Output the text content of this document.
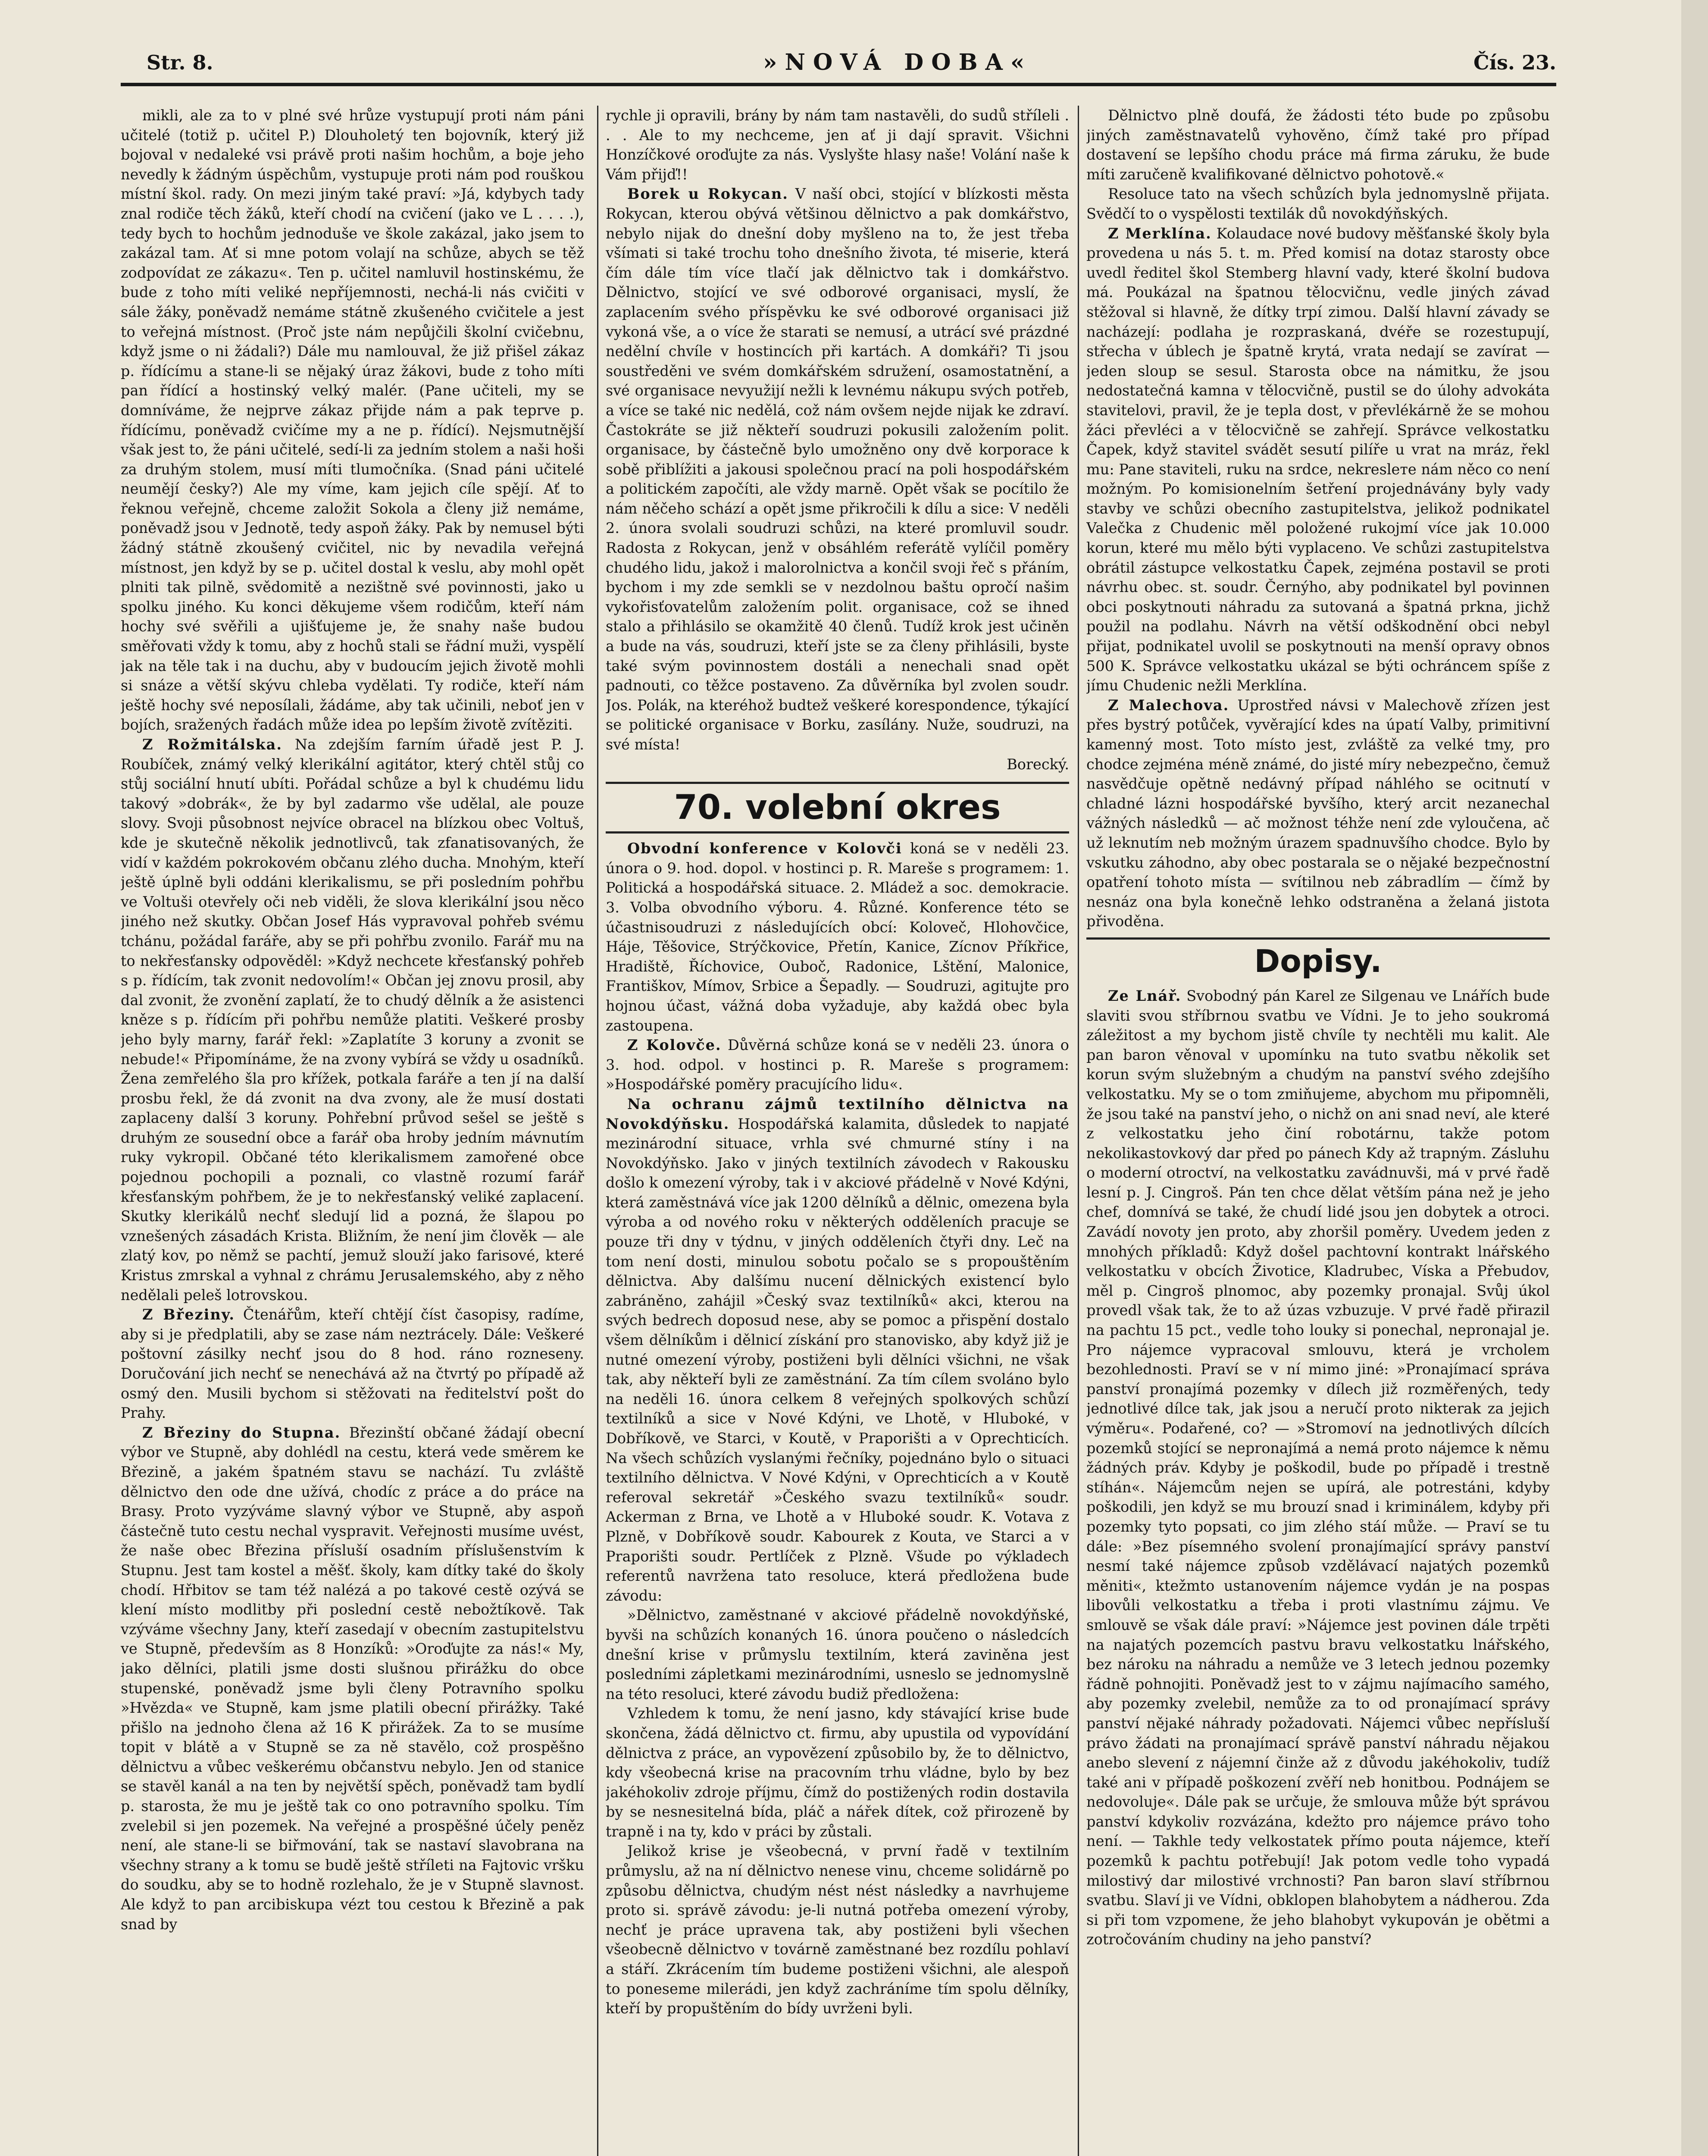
Str. 8.	»NOVÁ DOBA«	Čís. 23.

mikli, ale za to v plné své hrůze vystupují proti nám páni učitelé (totiž p. učitel P.) Dlouholetý ten bojovník, který již bojoval v nedaleké vsi právě proti našim hochům, a boje jeho nevedly k žádným úspěchům, vystupuje proti nám pod rouškou místní škol. rady. On mezi jiným také praví: »Já, kdybych tady znal rodiče těch žáků, kteří chodí na cvičení (jako ve L . . . .), tedy bych to hochům jednoduše ve škole zakázal, jako jsem to zakázal tam. Ať si mne potom volají na schůze, abych se těž zodpovídat ze zákazu«. Ten p. učitel namluvil hostinskému, že bude z toho míti veliké nepříjemnosti, nechá-li nás cvičiti v sále žáky, poněvadž nemáme státně zkušeného cvičitele a jest to veřejná místnost. (Proč jste nám nepůjčili školní cvičebnu, když jsme o ni žádali?) Dále mu namlouval, že již přišel zákaz p. řídícímu a stane-li se nějaký úraz žákovi, bude z toho míti pan řídící a hostinský velký malér. (Pane učiteli, my se domníváme, že nejprve zákaz přijde nám a pak teprve p. řídícímu, poněvadž cvičíme my a ne p. řídící). Nejsmutnější však jest to, že páni učitelé, sedí-li za jedním stolem a naši hoši za druhým stolem, musí míti tlumočníka. (Snad páni učitelé neumějí česky?) Ale my víme, kam jejich cíle spějí. Ať to řeknou veřejně, chceme založit Sokola a členy již nemáme, poněvadž jsou v Jednotě, tedy aspoň žáky. Pak by nemusel býti žádný státně zkoušený cvičitel, nic by nevadila veřejná místnost, jen když by se p. učitel dostal k veslu, aby mohl opět plniti tak pilně, svědomitě a nezištně své povinnosti, jako u spolku jiného. Ku konci děkujeme všem rodičům, kteří nám hochy své svěřili a ujišťujeme je, že snahy naše budou směřovati vždy k tomu, aby z hochů stali se řádní muži, vyspělí jak na těle tak i na duchu, aby v budoucím jejich životě mohli si snáze a větší skývu chleba vydělati. Ty rodiče, kteří nám ještě hochy své neposílali, žádáme, aby tak učinili, neboť jen v bojích, sražených řadách může idea po lepším životě zvítěziti.

Z Rožmitálska. Na zdejším farním úřadě jest P. J. Roubíček, známý velký klerikální agitátor, který chtěl stůj co stůj sociální hnutí ubíti. Pořádal schůze a byl k chudému lidu takový »dobrák«, že by byl zadarmo vše udělal, ale pouze slovy. Svoji působnost nejvíce obracel na blízkou obec Voltuš, kde je skutečně několik jednotlivců, tak zfanatisovaných, že vidí v každém pokrokovém občanu zlého ducha. Mnohým, kteří ještě úplně byli oddáni klerikalismu, se při posledním pohřbu ve Voltuši otevřely oči neb viděli, že slova klerikální jsou něco jiného než skutky. Občan Josef Hás vypravoval pohřeb svému tchánu, požádal faráře, aby se při pohřbu zvonilo. Farář mu na to nekřesťansky odpověděl: »Když nechcete křesťanský pohřeb s p. řídícím, tak zvonit nedovolím!« Občan jej znovu prosil, aby dal zvonit, že zvonění zaplatí, že to chudý dělník a že asistenci kněze s p. řídícím při pohřbu nemůže platiti. Veškeré prosby jeho byly marny, farář řekl: »Zaplatíte 3 koruny a zvonit se nebude!« Připomínáme, že na zvony vybírá se vždy u osadníků. Žena zemřelého šla pro křížek, potkala faráře a ten jí na další prosbu řekl, že dá zvonit na dva zvony, ale že musí dostati zaplaceny další 3 koruny. Pohřební průvod sešel se ještě s druhým ze sousední obce a farář oba hroby jedním mávnutím ruky vykropil. Občané této klerikalismem zamořené obce pojednou pochopili a poznali, co vlastně rozumí farář křesťanským pohřbem, že je to nekřesťanský veliké zaplacení. Skutky klerikálů nechť sledují lid a pozná, že šlapou po vznešených zásadách Krista. Bližním, že není jim člověk — ale zlatý kov, po němž se pachtí, jemuž slouží jako farisové, které Kristus zmrskal a vyhnal z chrámu Jerusalemského, aby z něho nedělali peleš lotrovskou.

Z Březiny. Čtenářům, kteří chtějí číst časopisy, radíme, aby si je předplatili, aby se zase nám neztrácely. Dále: Veškeré poštovní zásilky nechť jsou do 8 hod. ráno rozneseny. Doručování jich nechť se nenechává až na čtvrtý po případě až osmý den. Musili bychom si stěžovati na ředitelství pošt do Prahy.

Z Březiny do Stupna. Březinští občané žádají obecní výbor ve Stupně, aby dohlédl na cestu, která vede směrem ke Březině, a jakém špatném stavu se nachází. Tu zvláště dělnictvo den ode dne užívá, chodíc z práce a do práce na Brasy. Proto vyzýváme slavný výbor ve Stupně, aby aspoň částečně tuto cestu nechal vyspravit. Veřejnosti musíme uvést, že naše obec Březina přísluší osadním příslušenstvím k Stupnu. Jest tam kostel a měšť. školy, kam dítky také do školy chodí. Hřbitov se tam též nalézá a po takové cestě ozývá se klení místo modlitby při poslední cestě nebožtíkově. Tak vzýváme všechny Jany, kteří zasedají v obecním zastupitelstvu ve Stupně, především as 8 Honzíků: »Oroďujte za nás!« My, jako dělníci, platili jsme dosti slušnou přirážku do obce stupenské, poněvadž jsme byli členy Potravního spolku »Hvězda« ve Stupně, kam jsme platili obecní přirážky. Také přišlo na jednoho člena až 16 K přirážek. Za to se musíme topit v blátě a v Stupně se za ně stavělo, což prospěšno dělnictvu a vůbec veškerému občanstvu nebylo. Jen od stanice se stavěl kanál a na ten by největší spěch, poněvadž tam bydlí p. starosta, že mu je ještě tak co ono potravního spolku. Tím zvelebil si jen pozemek. Na veřejné a prospěšné účely peněz není, ale stane-li se biřmování, tak se nastaví slavobrana na všechny strany a k tomu se budě ještě stříleti na Fajtovic vršku do soudku, aby se to hodně rozlehalo, že je v Stupně slavnost. Ale když to pan arcibiskupa vézt tou cestou k Březině a pak snad by

rychle ji opravili, brány by nám tam nastavěli, do sudů stříleli . . . Ale to my nechceme, jen ať ji dají spravit. Všichni Honzíčkové oroďujte za nás. Vyslyšte hlasy naše! Volání naše k Vám přijď!!

Borek u Rokycan. V naší obci, stojící v blízkosti města Rokycan, kterou obývá většinou dělnictvo a pak domkářstvo, nebylo nijak do dnešní doby myšleno na to, že jest třeba všímati si také trochu toho dnešního života, té miserie, která čím dále tím více tlačí jak dělnictvo tak i domkářstvo. Dělnictvo, stojící ve své odborové organisaci, myslí, že zaplacením svého příspěvku ke své odborové organisaci již vykoná vše, a o více že starati se nemusí, a utrácí své prázdné nedělní chvíle v hostincích při kartách. A domkáři? Ti jsou soustředěni ve svém domkářském sdružení, osamostatnění, a své organisace nevyužijí nežli k levnému nákupu svých potřeb, a více se také nic nedělá, což nám ovšem nejde nijak ke zdraví. Častokráte se již někteří soudruzi pokusili založením polit. organisace, by částečně bylo umožněno ony dvě korporace k sobě přiblížiti a jakousi společnou prací na poli hospodářském a politickém započíti, ale vždy marně. Opět však se pocítilo že nám něčeho schází a opět jsme přikročili k dílu a sice: V neděli 2. února svolali soudruzi schůzi, na které promluvil soudr. Radosta z Rokycan, jenž v obsáhlém referátě vylíčil poměry chudého lidu, jakož i malorolnictva a končil svoji řeč s přáním, bychom i my zde semkli se v nezdolnou baštu opročí našim vykořisťovatelům založením polit. organisace, což se ihned stalo a přihlásilo se okamžitě 40 členů. Tudíž krok jest učiněn a bude na vás, soudruzi, kteří jste se za členy přihlásili, byste také svým povinnostem dostáli a nenechali snad opět padnouti, co těžce postaveno. Za důvěrníka byl zvolen soudr. Jos. Polák, na kteréhož budtež veškeré korespondence, týkající se politické organisace v Borku, zasílány. Nuže, soudruzi, na své místa!

Borecký.

70. volební okres

Obvodní konference v Kolovči koná se v neděli 23. února o 9. hod. dopol. v hostinci p. R. Mareše s programem: 1. Politická a hospodářská situace. 2. Mládež a soc. demokracie. 3. Volba obvodního výboru. 4. Různé. Konference této se účastnisoudruzi z následujících obcí: Koloveč, Hlohovčice, Háje, Těšovice, Strýčkovice, Přetín, Kanice, Zícnov Příkřice, Hradiště, Říchovice, Ouboč, Radonice, Lštění, Malonice, Františkov, Mímov, Srbice a Šepadly. — Soudruzi, agitujte pro hojnou účast, vážná doba vyžaduje, aby každá obec byla zastoupena.

Z Kolovče. Důvěrná schůze koná se v neděli 23. února o 3. hod. odpol. v hostinci p. R. Mareše s programem: »Hospodářské poměry pracujícího lidu«.

Na ochranu zájmů textilního dělnictva na Novokdýňsku. Hospodářská kalamita, důsledek to napjaté mezinárodní situace, vrhla své chmurné stíny i na Novokdýňsko. Jako v jiných textilních závodech v Rakousku došlo k omezení výroby, tak i v akciové přádelně v Nové Kdýni, která zaměstnává více jak 1200 dělníků a dělnic, omezena byla výroba a od nového roku v některých odděleních pracuje se pouze tři dny v týdnu, v jiných odděleních čtyři dny. Leč na tom není dosti, minulou sobotu počalo se s propouštěním dělnictva. Aby dalšímu nucení dělnických existencí bylo zabráněno, zahájil »Český svaz textilníků« akci, kterou na svých bedrech doposud nese, aby se pomoc a přispění dostalo všem dělníkům i dělnicí získání pro stanovisko, aby když již je nutné omezení výroby, postiženi byli dělníci všichni, ne však tak, aby někteří byli ze zaměstnání. Za tím cílem svoláno bylo na neděli 16. února celkem 8 veřejných spolkových schůzí textilníků a sice v Nové Kdýni, ve Lhotě, v Hluboké, v Dobříkově, ve Starci, v Koutě, v Praporišti a v Oprechticích. Na všech schůzích vyslanými řečníky, pojednáno bylo o situaci textilního dělnictva. V Nové Kdýni, v Oprechticích a v Koutě referoval sekretář »Českého svazu textilníků« soudr. Ackerman z Brna, ve Lhotě a v Hluboké soudr. K. Votava z Plzně, v Dobříkově soudr. Kabourek z Kouta, ve Starci a v Praporišti soudr. Pertlíček z Plzně. Všude po výkladech referentů navržena tato resoluce, která předložena bude závodu:

»Dělnictvo, zaměstnané v akciové přádelně novokdýňské, byvši na schůzích konaných 16. února poučeno o následcích dnešní krise v průmyslu textilním, která zaviněna jest posledními zápletkami mezinárodními, usneslo se jednomyslně na této resoluci, které závodu budiž předložena:

Vzhledem k tomu, že není jasno, kdy stávající krise bude skončena, žádá dělnictvo ct. firmu, aby upustila od vypovídání dělnictva z práce, an vypovězení způsobilo by, že to dělnictvo, kdy všeobecná krise na pracovním trhu vládne, bylo by bez jakéhokoliv zdroje příjmu, čímž do postižených rodin dostavila by se nesnesitelná bída, pláč a nářek dítek, což přirozeně by trapně i na ty, kdo v práci by zůstali.

Jelikož krise je všeobecná, v první řadě v textilním průmyslu, až na ní dělnictvo nenese vinu, chceme solidárně po způsobu dělnictva, chudým nést nést následky a navrhujeme proto si. správě závodu: je-li nutná potřeba omezení výroby, nechť je práce upravena tak, aby postiženi byli všechen všeobecně dělnictvo v továrně zaměstnané bez rozdílu pohlaví a stáří. Zkrácením tím budeme postiženi všichni, ale alespoň to poneseme milerádi, jen když zachráníme tím spolu dělníky, kteří by propuštěním do bídy uvrženi byli.

Dělnictvo plně doufá, že žádosti této bude po způsobu jiných zaměstnavatelů vyhověno, čímž také pro případ dostavení se lepšího chodu práce má firma záruku, že bude míti zaručeně kvalifikované dělnictvo pohotově.«

Resoluce tato na všech schůzích byla jednomyslně přijata. Svědčí to o vyspělosti textilák dů novokdýňských.

Z Merklína. Kolaudace nové budovy měšťanské školy byla provedena u nás 5. t. m. Před komisí na dotaz starosty obce uvedl ředitel škol Stemberg hlavní vady, které školní budova má. Poukázal na špatnou tělocvičnu, vedle jiných závad stěžoval si hlavně, že dítky trpí zimou. Další hlavní závady se nacházejí: podlaha je rozpraskaná, dvéře se rozestupují, střecha v úblech je špatně krytá, vrata nedají se zavírat — jeden sloup se sesul. Starosta obce na námitku, že jsou nedostatečná kamna v tělocvičně, pustil se do úlohy advokáta stavitelovi, pravil, že je tepla dost, v převlékárně že se mohou žáci převléci a v tělocvičně se zahřejí. Správce velkostatku Čapek, když stavitel svádět sesutí pilíře u vrat na mráz, řekl mu: Pane staviteli, ruku na srdce, nekresleте nám něco co není možným. Po komisionelním šetření projednávány byly vady stavby ve schůzi obecního zastupitelstva, jelikož podnikatel Valečka z Chudenic měl položené rukojmí více jak 10.000 korun, které mu mělo býti vyplaceno. Ve schůzi zastupitelstva obrátil zástupce velkostatku Čapek, zejména postavil se proti návrhu obec. st. soudr. Černýho, aby podnikatel byl povinnen obci poskytnouti náhradu za sutovaná a špatná prkna, jichž použil na podlahu. Návrh na větší odškodnění obci nebyl přijat, podnikatel uvolil se poskytnouti na menší opravy obnos 500 K. Správce velkostatku ukázal se býti ochráncem spíše z jímu Chudenic nežli Merklína.

Z Malechova. Uprostřed návsi v Malechově zřízen jest přes bystrý potůček, vyvěrající kdes na úpatí Valby, primitivní kamenný most. Toto místo jest, zvláště za velké tmy, pro chodce zejména méně známé, do jisté míry nebezpečno, čemuž nasvědčuje opětně nedávný případ náhlého se ocitnutí v chladné lázni hospodářské byvšího, který arcit nezanechal vážných následků — ač možnost téhže není zde vyloučena, ač už leknutím neb možným úrazem spadnuvšího chodce. Bylo by vskutku záhodno, aby obec postarala se o nějaké bezpečnostní opatření tohoto místa — svítilnou neb zábradlím — čímž by nesnáz ona byla konečně lehko odstraněna a želaná jistota přivoděna.

Dopisy.

Ze Lnář. Svobodný pán Karel ze Silgenau ve Lnářích bude slaviti svou stříbrnou svatbu ve Vídni. Je to jeho soukromá záležitost a my bychom jistě chvíle ty nechtěli mu kalit. Ale pan baron věnoval v upomínku na tuto svatbu několik set korun svým služebným a chudým na panství svého zdejšího velkostatku. My se o tom zmiňujeme, abychom mu připomněli, že jsou také na panství jeho, o nichž on ani snad neví, ale které z velkostatku jeho činí robotárnu, takže potom nekolikastovkový dar před po pánech Kdy až trapným. Zásluhu o moderní otroctví, na velkostatku zavádnuvši, má v prvé řadě lesní p. J. Cingroš. Pán ten chce dělat větším pána než je jeho chef, domnívá se také, že chudí lidé jsou jen dobytek a otroci. Zavádí novoty jen proto, aby zhoršil poměry. Uvedem jeden z mnohých příkladů: Když došel pachtovní kontrakt lnářského velkostatku v obcích Životice, Kladrubec, Víska a Přebudov, měl p. Cingroš plnomoc, aby pozemky pronajal. Svůj úkol provedl však tak, že to až úzas vzbuzuje. V prvé řadě přirazil na pachtu 15 pct., vedle toho louky si ponechal, nepronajal je. Pro nájemce vypracoval smlouvu, která je vrcholem bezohlednosti. Praví se v ní mimo jiné: »Pronajímací správa panství pronajímá pozemky v dílech již rozměřených, tedy jednotlivé dílce tak, jak jsou a neručí proto nikterak za jejich výměru«. Podařené, co? — »Stromoví na jednotlivých dílcích pozemků stojící se nepronajímá a nemá proto nájemce k němu žádných práv. Kdyby je poškodil, bude po případě i trestně stíhán«. Nájemcům nejen se upírá, ale potrestáni, kdyby poškodili, jen když se mu brouzí snad i kriminálem, kdyby při pozemky tyto popsati, co jim zlého stáí může. — Praví se tu dále: »Bez písemného svolení pronajímající správy panství nesmí také nájemce způsob vzdělávací najatých pozemků měniti«, ktežmto ustanovením nájemce vydán je na pospas libovůli velkostatku a třeba i proti vlastnímu zájmu. Ve smlouvě se však dále praví: »Nájemce jest povinen dále trpěti na najatých pozemcích pastvu bravu velkostatku lnářského, bez nároku na náhradu a nemůže ve 3 letech jednou pozemky řádně pohnojiti. Poněvadž jest to v zájmu najímacího samého, aby pozemky zvelebil, nemůže za to od pronajímací správy panství nějaké náhrady požadovati. Nájemci vůbec nepřísluší právo žádati na pronajímací správě panství náhradu nějakou anebo slevení z nájemní činže až z důvodu jakéhokoliv, tudíž také ani v případě poškození zvěří neb honitbou. Podnájem se nedovoluje«. Dále pak se určuje, že smlouva může být správou panství kdykoliv rozvázána, kdežto pro nájemce právo toho není. — Takhle tedy velkostatek přímo pouta nájemce, kteří pozemků k pachtu potřebují! Jak potom vedle toho vypadá milostivý dar milostivé vrchnosti? Pan baron slaví stříbrnou svatbu. Slaví ji ve Vídni, obklopen blahobytem a nádherou. Zda si při tom vzpomene, že jeho blahobyt vykupován je obětmi a zotročováním chudiny na jeho panství?
